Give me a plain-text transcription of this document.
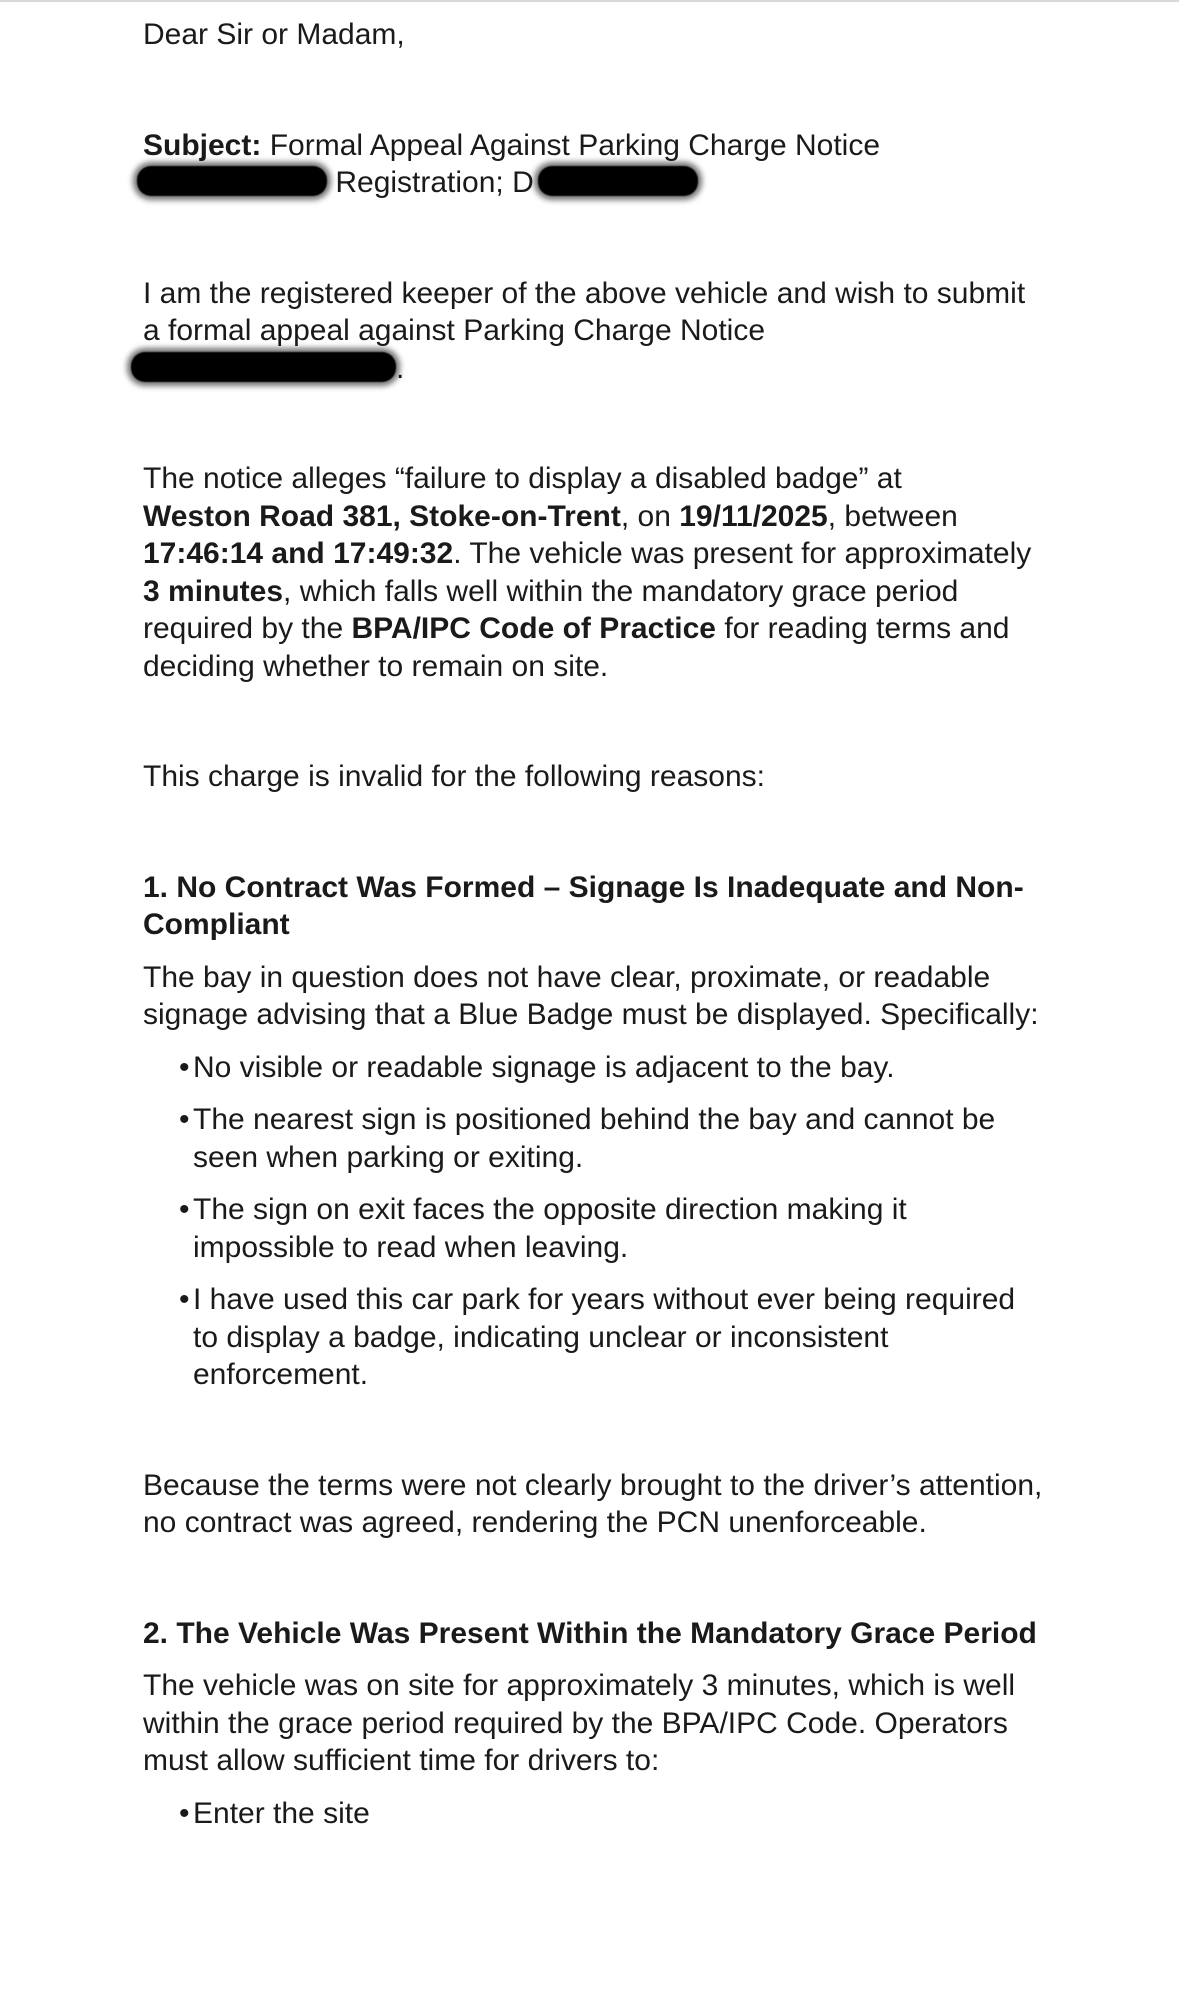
Dear Sir or Madam,

Subject: Formal Appeal Against Parking Charge Notice
Registration; D

I am the registered keeper of the above vehicle and wish to submit a formal appeal against Parking Charge Notice
.

The notice alleges “failure to display a disabled badge” at
Weston Road 381, Stoke-on-Trent, on 19/11/2025, between
17:46:14 and 17:49:32. The vehicle was present for approximately 3 minutes, which falls well within the mandatory grace period required by the BPA/IPC Code of Practice for reading terms and deciding whether to remain on site.

This charge is invalid for the following reasons:

1. No Contract Was Formed – Signage Is Inadequate and Non-Compliant

The bay in question does not have clear, proximate, or readable signage advising that a Blue Badge must be displayed. Specifically:

• No visible or readable signage is adjacent to the bay.
• The nearest sign is positioned behind the bay and cannot be seen when parking or exiting.
• The sign on exit faces the opposite direction making it impossible to read when leaving.
• I have used this car park for years without ever being required to display a badge, indicating unclear or inconsistent enforcement.

Because the terms were not clearly brought to the driver’s attention, no contract was agreed, rendering the PCN unenforceable.

2. The Vehicle Was Present Within the Mandatory Grace Period

The vehicle was on site for approximately 3 minutes, which is well within the grace period required by the BPA/IPC Code. Operators must allow sufficient time for drivers to:

• Enter the site
